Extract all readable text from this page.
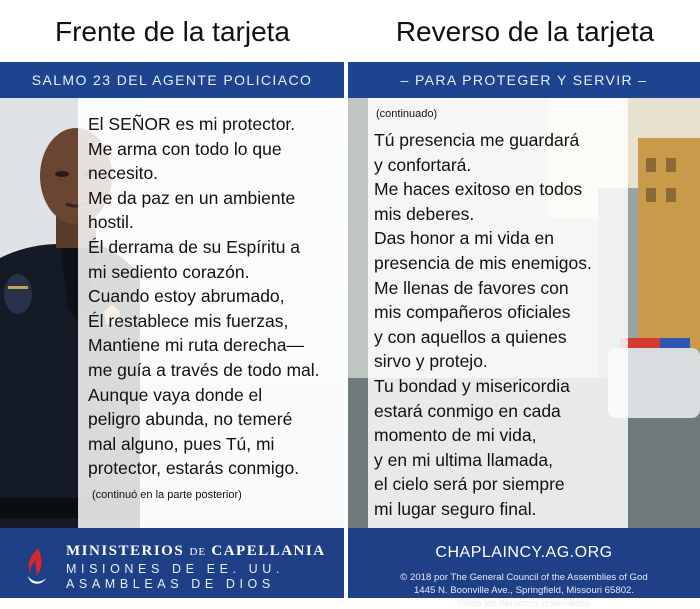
Frente de la tarjeta	Reverso de la tarjeta
SALMO 23 DEL AGENTE POLICIACO
El SEÑOR es mi protector.
Me arma con todo lo que
necesito.
Me da paz en un ambiente
hostil.
Él derrama de su Espíritu a
mi sediento corazón.
Cuando estoy abrumado,
Él restablece mis fuerzas,
Mantiene mi ruta derecha—
me guía a través de todo mal.
Aunque vaya donde el
peligro abunda, no temeré
mal alguno, pues Tú, mi
protector, estarás conmigo.
(continuó en la parte posterior)
MINISTERIOS DE CAPELLANIA
MISIONES DE EE. UU.
ASAMBLEAS DE DIOS
– PARA PROTEGER Y SERVIR –
(continuado)
Tú presencia me guardará
y confortará.
Me haces exitoso en todos
mis deberes.
Das honor a mi vida en
presencia de mis enemigos.
Me llenas de favores con
mis compañeros oficiales
y con aquellos a quienes
sirvo y protejo.
Tu bondad y misericordia
estará conmigo en cada
momento de mi vida,
y en mi ultima llamada,
el cielo será por siempre
mi lugar seguro final.
CHAPLAINCY.AG.ORG
© 2018 por The General Council of the Assemblies of God
1445 N. Boonville Ave., Springfield, Missouri 65802.
Todos los derechos reservados.
